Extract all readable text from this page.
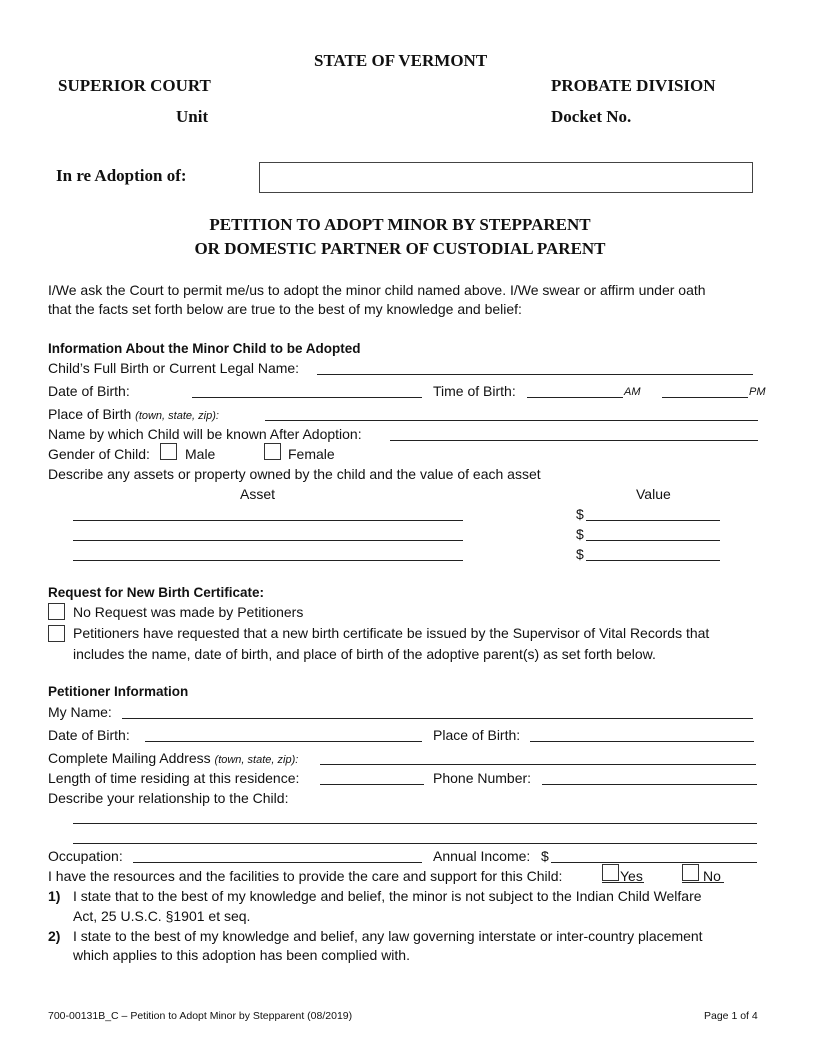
STATE OF VERMONT
SUPERIOR COURT	PROBATE DIVISION
Unit	Docket No.
In re Adoption of:
PETITION TO ADOPT MINOR BY STEPPARENT
OR DOMESTIC PARTNER OF CUSTODIAL PARENT
I/We ask the Court to permit me/us to adopt the minor child named above. I/We swear or affirm under oath
that the facts set forth below are true to the best of my knowledge and belief:
Information About the Minor Child to be Adopted
Child’s Full Birth or Current Legal Name:
Date of Birth:	Time of Birth:	AM	PM
Place of Birth (town, state, zip):
Name by which Child will be known After Adoption:
Gender of Child:	Male	Female
Describe any assets or property owned by the child and the value of each asset
Asset	Value
$
$
$
Request for New Birth Certificate:
No Request was made by Petitioners
Petitioners have requested that a new birth certificate be issued by the Supervisor of Vital Records that
includes the name, date of birth, and place of birth of the adoptive parent(s) as set forth below.
Petitioner Information
My Name:
Date of Birth:	Place of Birth:
Complete Mailing Address (town, state, zip):
Length of time residing at this residence:	Phone Number:
Describe your relationship to the Child:
Occupation:	Annual Income: $
I have the resources and the facilities to provide the care and support for this Child:	Yes	No
1) I state that to the best of my knowledge and belief, the minor is not subject to the Indian Child Welfare
Act, 25 U.S.C. §1901 et seq.
2) I state to the best of my knowledge and belief, any law governing interstate or inter-country placement
which applies to this adoption has been complied with.
700-00131B_C – Petition to Adopt Minor by Stepparent (08/2019)	Page 1 of 4
